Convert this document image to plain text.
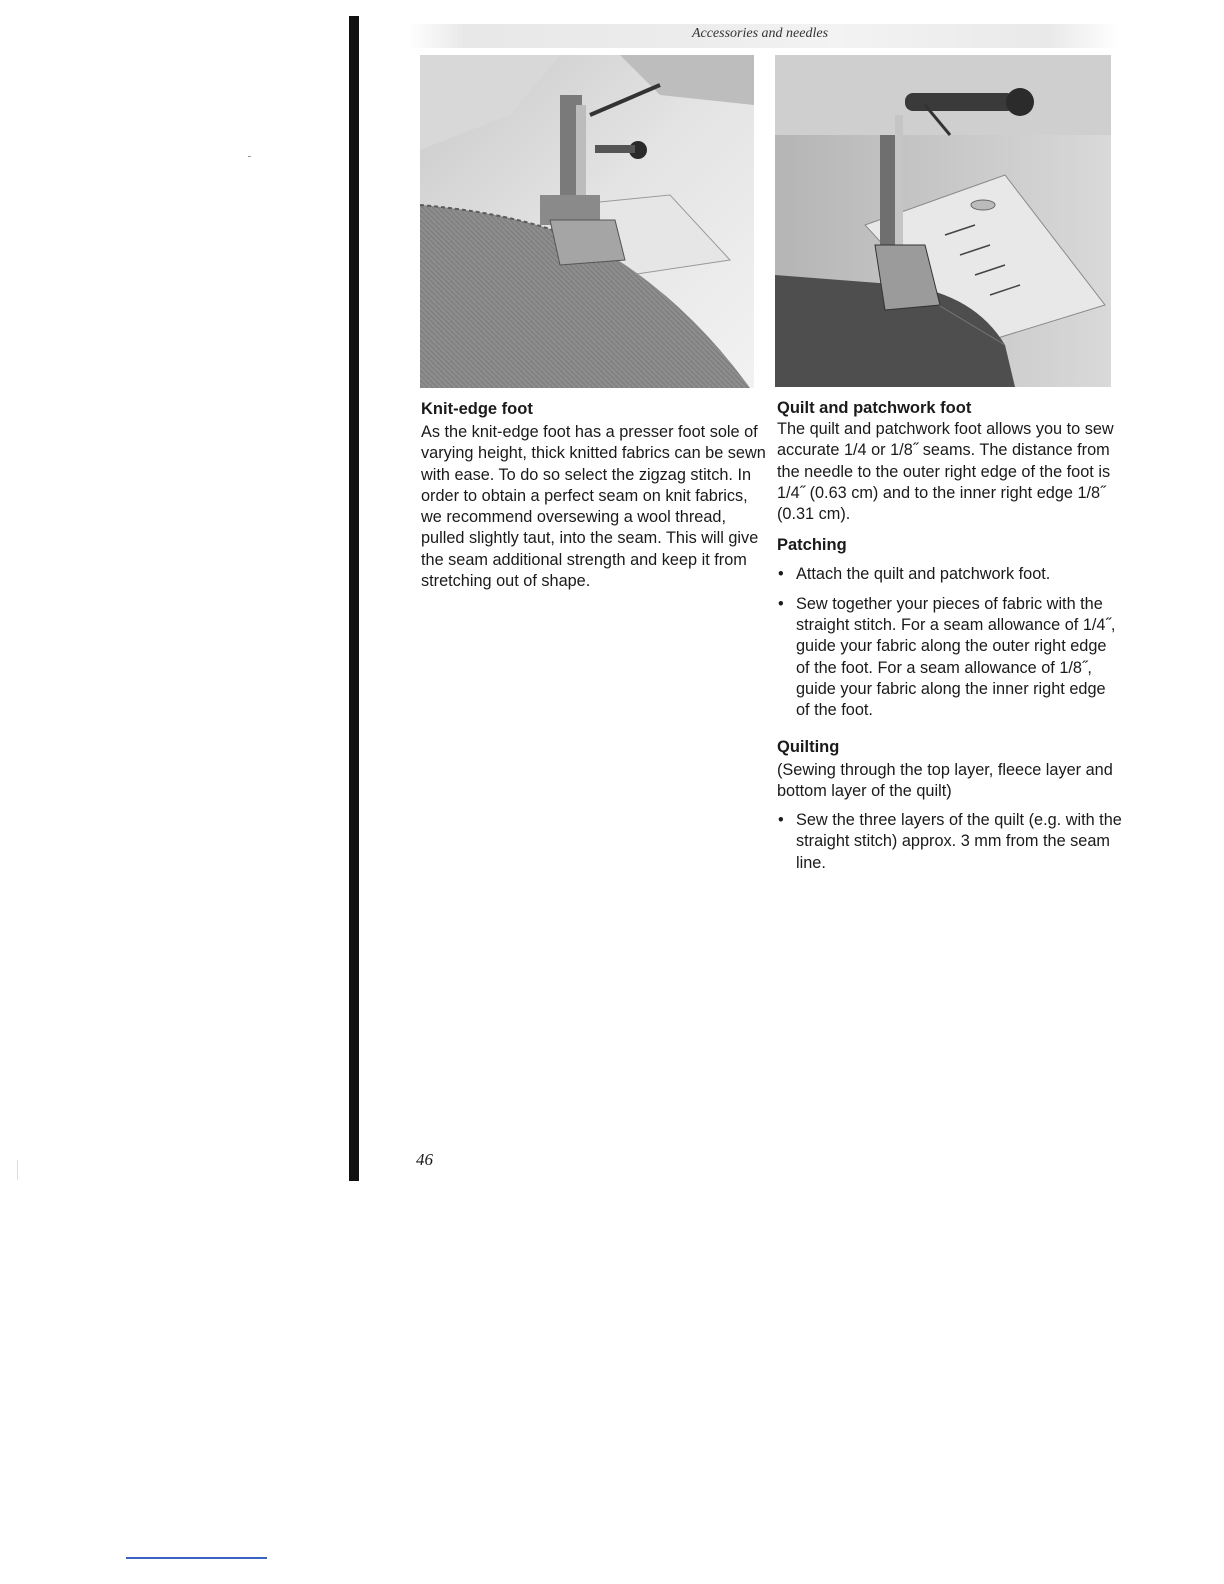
Accessories and needles
Knit-edge foot

As the knit-edge foot has a presser foot sole of varying height, thick knitted fabrics can be sewn with ease. To do so select the zigzag stitch. In order to obtain a perfect seam on knit fabrics, we recommend oversewing a wool thread, pulled slightly taut, into the seam. This will give the seam additional strength and keep it from stretching out of shape.

Quilt and patchwork foot

The quilt and patchwork foot allows you to sew accurate 1/4 or 1/8˝ seams. The distance from the needle to the outer right edge of the foot is 1/4˝ (0.63 cm) and to the inner right edge 1/8˝ (0.31 cm).

Patching
• Attach the quilt and patchwork foot.
• Sew together your pieces of fabric with the straight stitch. For a seam allowance of 1/4˝, guide your fabric along the outer right edge of the foot. For a seam allowance of 1/8˝, guide your fabric along the inner right edge of the foot.
Quilting

(Sewing through the top layer, fleece layer and bottom layer of the quilt)

• Sew the three layers of the quilt (e.g. with the straight stitch) approx. 3 mm from the seam line.
46
